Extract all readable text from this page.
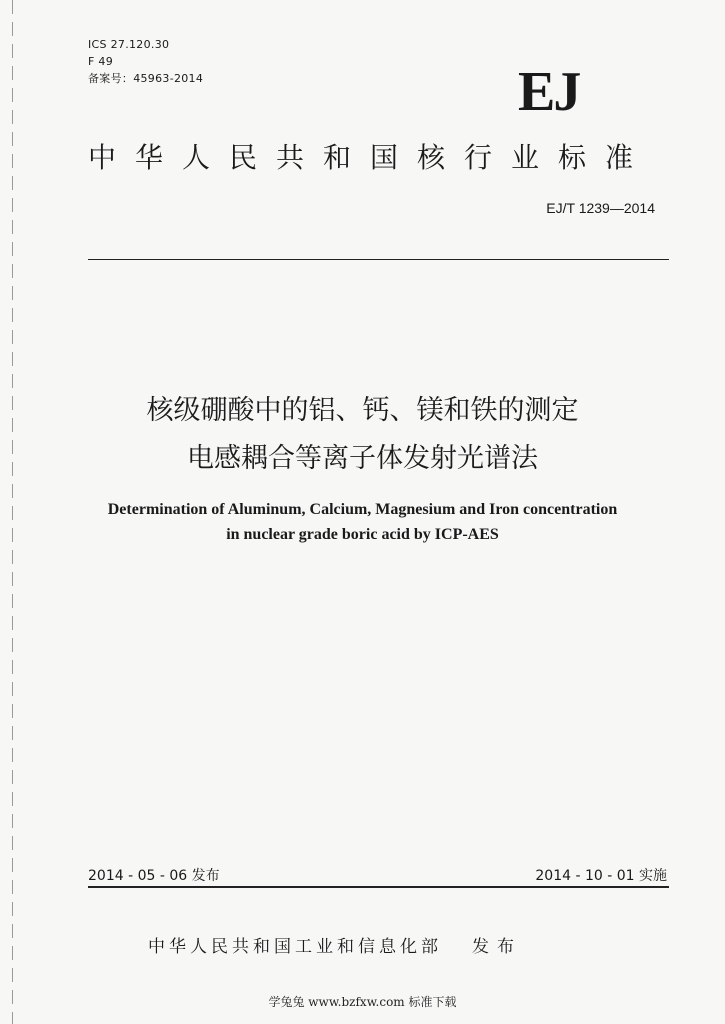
ICS 27.120.30
F 49
备案号：45963-2014	EJ
中华人民共和国核行业标准
EJ/T 1239—2014
核级硼酸中的铝、钙、镁和铁的测定
电感耦合等离子体发射光谱法
Determination of Aluminum, Calcium, Magnesium and Iron concentration
in nuclear grade boric acid by ICP-AES
2014 - 05 - 06 发布	2014 - 10 - 01 实施
中华人民共和国工业和信息化部 发布
学兔兔 www.bzfxw.com 标准下载
